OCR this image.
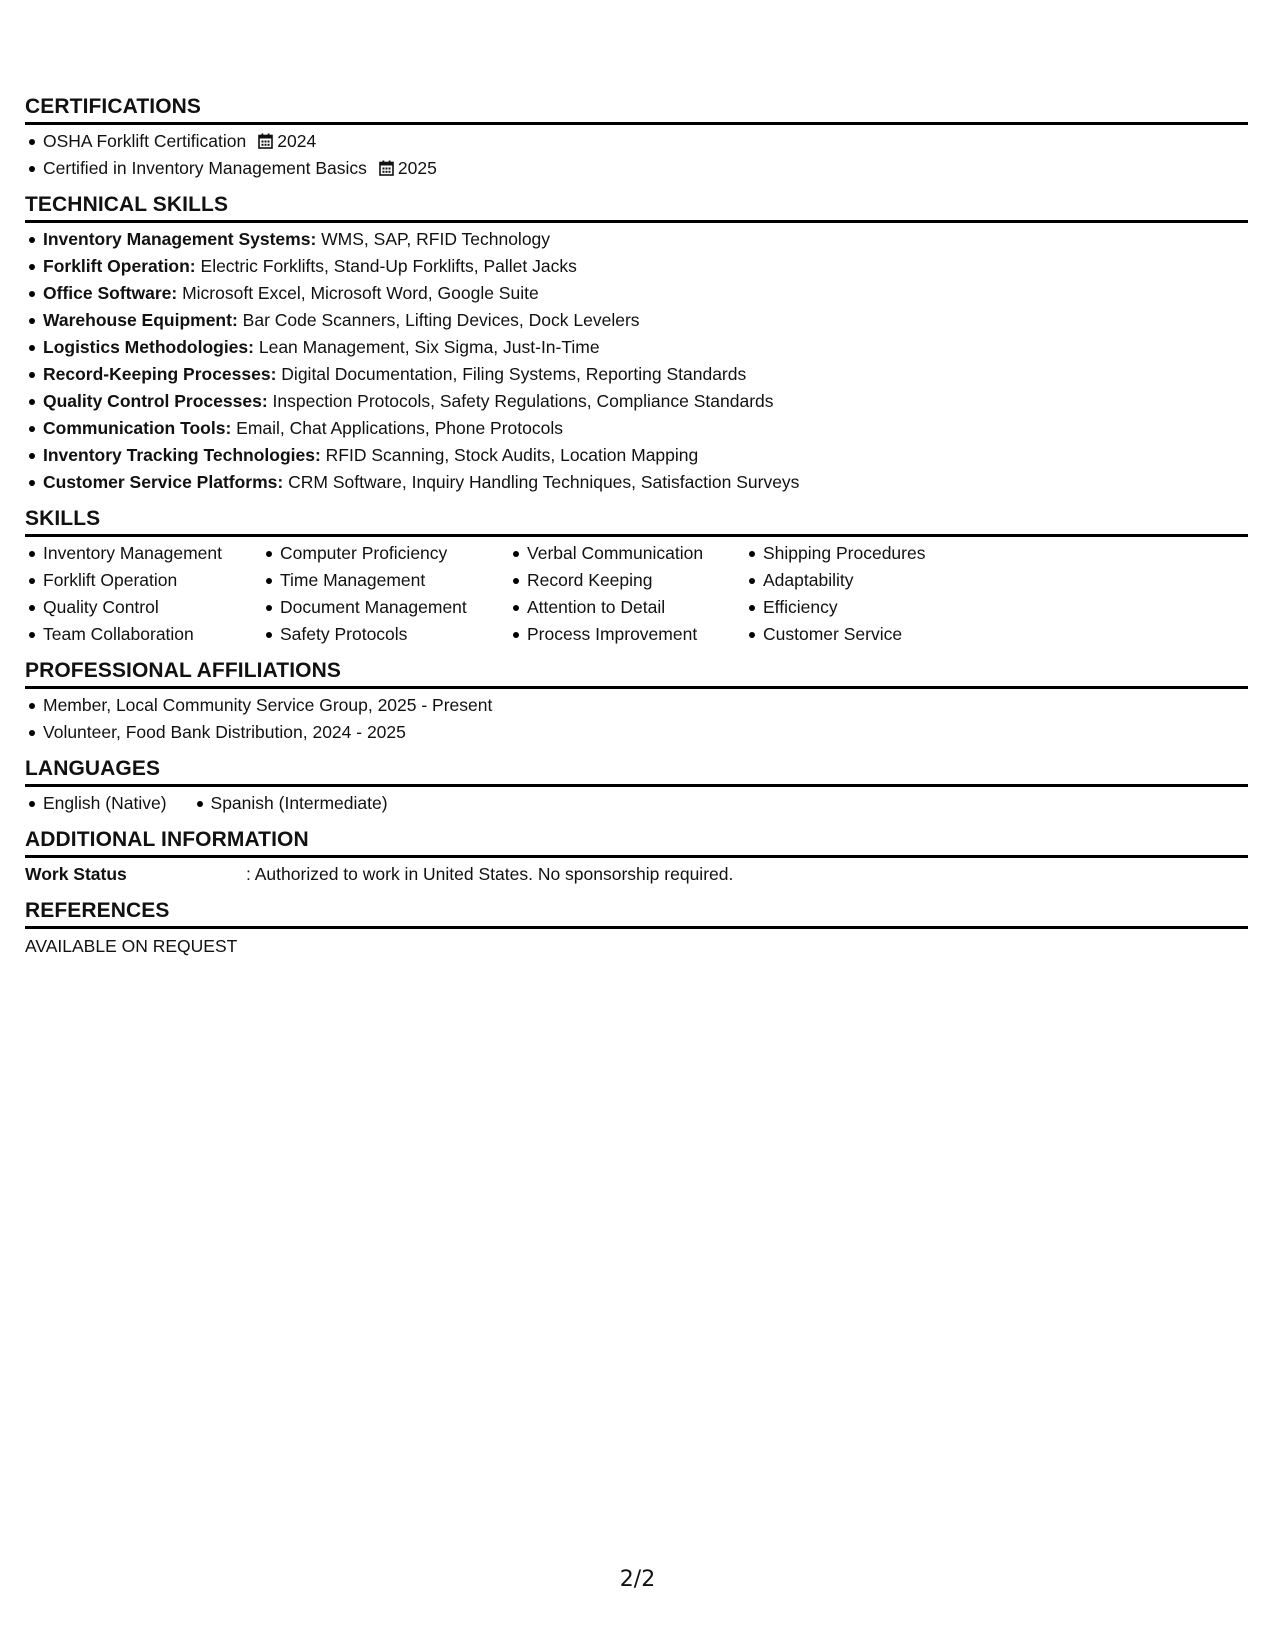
CERTIFICATIONS
OSHA Forklift Certification 2024
Certified in Inventory Management Basics 2025
TECHNICAL SKILLS
Inventory Management Systems: WMS, SAP, RFID Technology
Forklift Operation: Electric Forklifts, Stand-Up Forklifts, Pallet Jacks
Office Software: Microsoft Excel, Microsoft Word, Google Suite
Warehouse Equipment: Bar Code Scanners, Lifting Devices, Dock Levelers
Logistics Methodologies: Lean Management, Six Sigma, Just-In-Time
Record-Keeping Processes: Digital Documentation, Filing Systems, Reporting Standards
Quality Control Processes: Inspection Protocols, Safety Regulations, Compliance Standards
Communication Tools: Email, Chat Applications, Phone Protocols
Inventory Tracking Technologies: RFID Scanning, Stock Audits, Location Mapping
Customer Service Platforms: CRM Software, Inquiry Handling Techniques, Satisfaction Surveys
SKILLS
Inventory Management
Forklift Operation
Quality Control
Team Collaboration
Computer Proficiency
Time Management
Document Management
Safety Protocols
Verbal Communication
Record Keeping
Attention to Detail
Process Improvement
Shipping Procedures
Adaptability
Efficiency
Customer Service
PROFESSIONAL AFFILIATIONS
Member, Local Community Service Group, 2025 - Present
Volunteer, Food Bank Distribution, 2024 - 2025
LANGUAGES
English (Native)	Spanish (Intermediate)
ADDITIONAL INFORMATION
Work Status	: Authorized to work in United States. No sponsorship required.
REFERENCES
AVAILABLE ON REQUEST
2/2
